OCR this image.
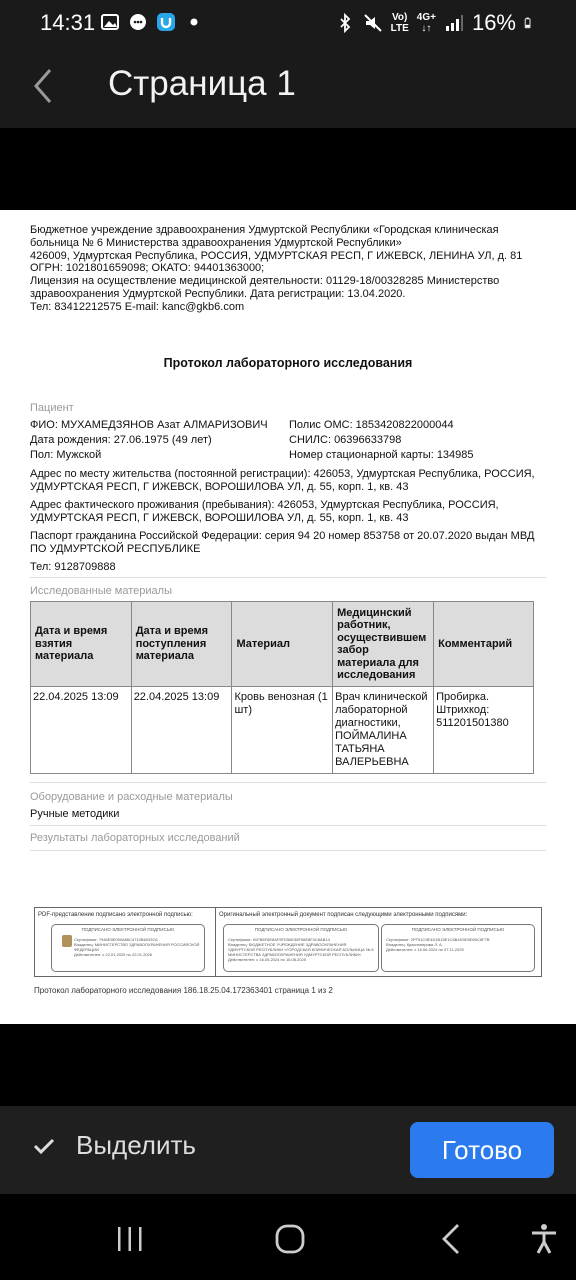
14:31	Vo)
LTE
4G+
↓↑ 16%
Страница 1
Бюджетное учреждение здравоохранения Удмуртской Республики «Городская клиническая больница № 6 Министерства здравоохранения Удмуртской Республики»
426009, Удмуртская Республика, РОССИЯ, УДМУРТСКАЯ РЕСП, Г ИЖЕВСК, ЛЕНИНА УЛ, д. 81
ОГРН: 1021801659098; ОКАТО: 94401363000;
Лицензия на осуществление медицинской деятельности: 01129-18/00328285 Министерство здравоохранения Удмуртской Республики. Дата регистрации: 13.04.2020.
Тел: 83412212575 E-mail: kanc@gkb6.com
Протокол лабораторного исследования
Пациент
ФИО: МУХАМЕДЗЯНОВ Азат АЛМАРИЗОВИЧ Полис ОМС: 1853420822000044
Дата рождения: 27.06.1975 (49 лет)	СНИЛС: 06396633798
Пол: Мужской	Номер стационарной карты: 134985
Адрес по месту жительства (постоянной регистрации): 426053, Удмуртская Республика, РОССИЯ, УДМУРТСКАЯ РЕСП, Г ИЖЕВСК, ВОРОШИЛОВА УЛ, д. 55, корп. 1, кв. 43
Адрес фактического проживания (пребывания): 426053, Удмуртская Республика, РОССИЯ, УДМУРТСКАЯ РЕСП, Г ИЖЕВСК, ВОРОШИЛОВА УЛ, д. 55, корп. 1, кв. 43
Паспорт гражданина Российской Федерации: серия 94 20 номер 853758 от 20.07.2020 выдан МВД ПО УДМУРТСКОЙ РЕСПУБЛИКЕ
Тел: 9128709888
Исследованные материалы
Дата и время взятия материала	Дата и время поступления материала	Материал	Медицинский работник, осуществившем забор материала для исследования	Комментарий
22.04.2025 13:09	22.04.2025 13:09	Кровь венозная (1 шт)	Врач клинической лабораторной диагностики, ПОЙМАЛИНА ТАТЬЯНА ВАЛЕРЬЕВНА	Пробирка. Штрихкод: 511201501380
Оборудование и расходные материалы
Ручные методики
Результаты лабораторных исследований
PDF-представление подписано электронной подписью:	Оригинальный электронный документ подписан следующими электронными подписями:
ПОДПИСАНО ЭЛЕКТРОННОЙ ПОДПИСЬЮ
Сертификат: 7946E5E090A86C4710B6033C6
Владелец: МИНИСТЕРСТВО ЗДРАВООХРАНЕНИЯ РОССИЙСКОЙ ФЕДЕРАЦИИ
Действителен: с 22.01.2025 по 22.01.2026
ПОДПИСАНО ЭЛЕКТРОННОЙ ПОДПИСЬЮ
Сертификат: 00FB8F8E8AF5FD56E38F56E8F4C8AB14
Владелец: БЮДЖЕТНОЕ УЧРЕЖДЕНИЕ ЗДРАВООХРАНЕНИЯ УДМУРТСКОЙ РЕСПУБЛИКИ «ГОРОДСКАЯ КЛИНИЧЕСКАЯ БОЛЬНИЦА № 6 МИНИСТЕРСТВА ЗДРАВООХРАНЕНИЯ УДМУРТСКОЙ РЕСПУБЛИКИ»
Действителен: с 16.05.2024 по 16.08.2025
ПОДПИСАНО ЭЛЕКТРОННОЙ ПОДПИСЬЮ
Сертификат: 2FF51C9E4D1B15E1C6B4D9D5D09C8F7B
Владелец: Красноперова Л. А.
Действителен: с 16.06.2024 по 07.11.2025
Протокол лабораторного исследования 186.18.25.04.172363401 страница 1 из 2
Выделить	Готово
